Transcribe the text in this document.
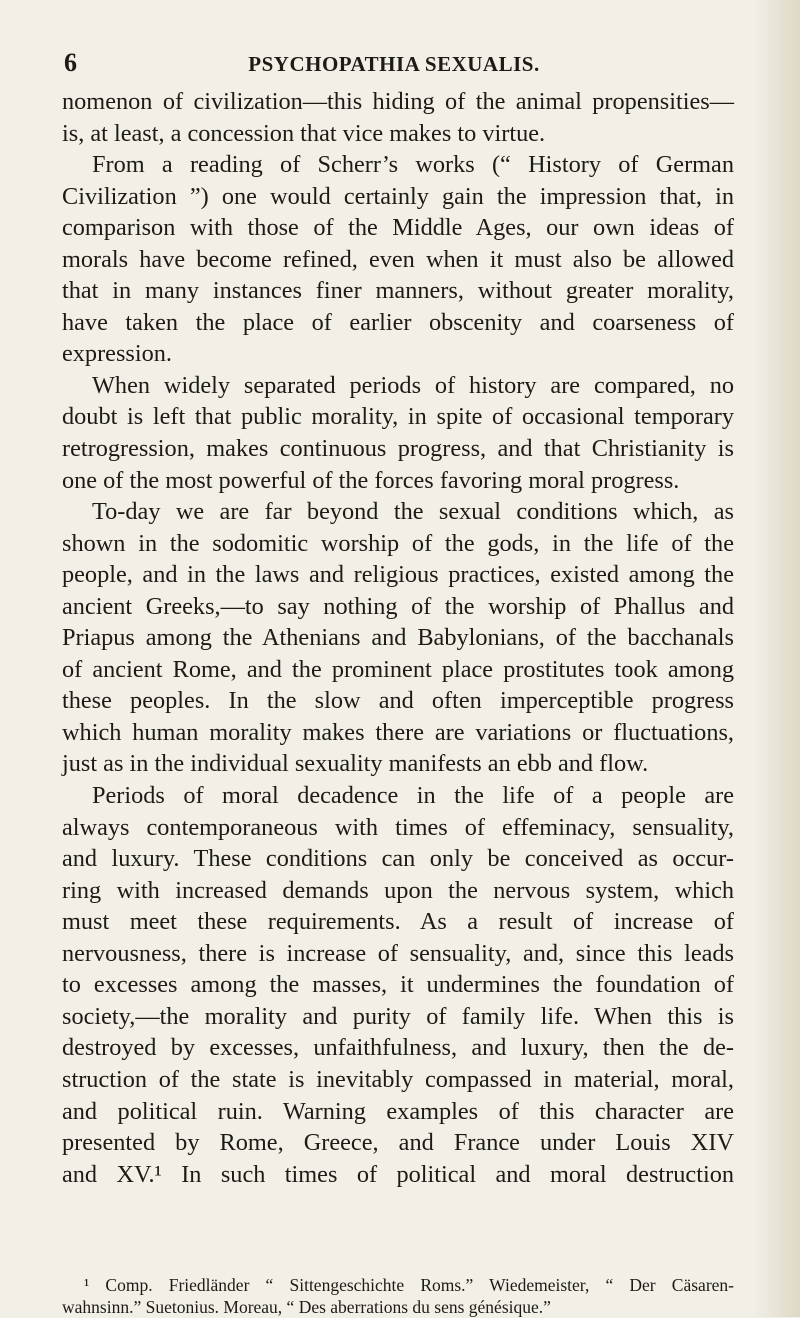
6	PSYCHOPATHIA SEXUALIS.
nomenon of civilization—this hiding of the animal propensities—
is, at least, a concession that vice makes to virtue.
From a reading of Scherr’s works (“ History of German
Civilization ”) one would certainly gain the impression that, in
comparison with those of the Middle Ages, our own ideas of
morals have become refined, even when it must also be allowed
that in many instances finer manners, without greater morality,
have taken the place of earlier obscenity and coarseness of
expression.
When widely separated periods of history are compared, no
doubt is left that public morality, in spite of occasional temporary
retrogression, makes continuous progress, and that Christianity is
one of the most powerful of the forces favoring moral progress.
To-day we are far beyond the sexual conditions which, as
shown in the sodomitic worship of the gods, in the life of the
people, and in the laws and religious practices, existed among the
ancient Greeks,—to say nothing of the worship of Phallus and
Priapus among the Athenians and Babylonians, of the bacchanals
of ancient Rome, and the prominent place prostitutes took among
these peoples. In the slow and often imperceptible progress
which human morality makes there are variations or fluctuations,
just as in the individual sexuality manifests an ebb and flow.
Periods of moral decadence in the life of a people are
always contemporaneous with times of effeminacy, sensuality,
and luxury. These conditions can only be conceived as occur-
ring with increased demands upon the nervous system, which
must meet these requirements. As a result of increase of
nervousness, there is increase of sensuality, and, since this leads
to excesses among the masses, it undermines the foundation of
society,—the morality and purity of family life. When this is
destroyed by excesses, unfaithfulness, and luxury, then the de-
struction of the state is inevitably compassed in material, moral,
and political ruin. Warning examples of this character are
presented by Rome, Greece, and France under Louis XIV
and XV.¹ In such times of political and moral destruction
¹ Comp. Friedländer “ Sittengeschichte Roms.” Wiedemeister, “ Der Cäsaren-
wahnsinn.” Suetonius. Moreau, “ Des aberrations du sens génésique.”
